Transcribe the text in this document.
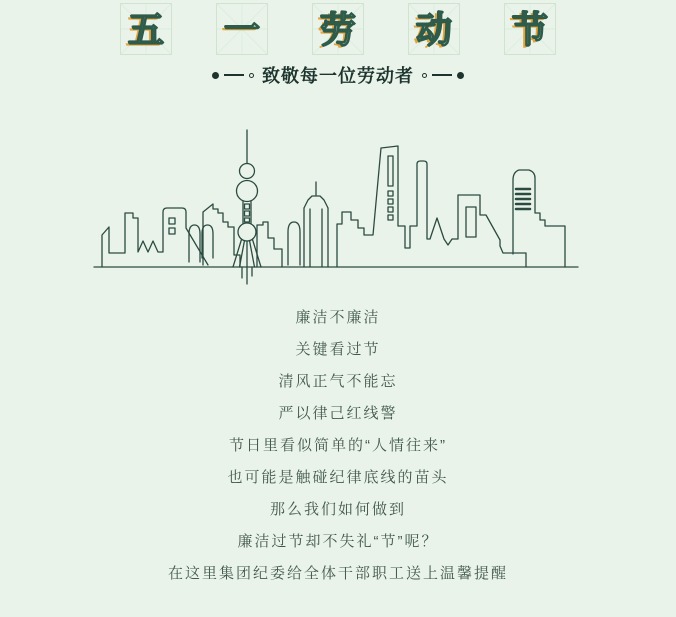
五 一 劳 动 节
致敬每一位劳动者

廉洁不廉洁

关键看过节

清风正气不能忘

严以律己红线警

节日里看似简单的“人情往来”

也可能是触碰纪律底线的苗头

那么我们如何做到

廉洁过节却不失礼“节”呢？

在这里集团纪委给全体干部职工送上温馨提醒
